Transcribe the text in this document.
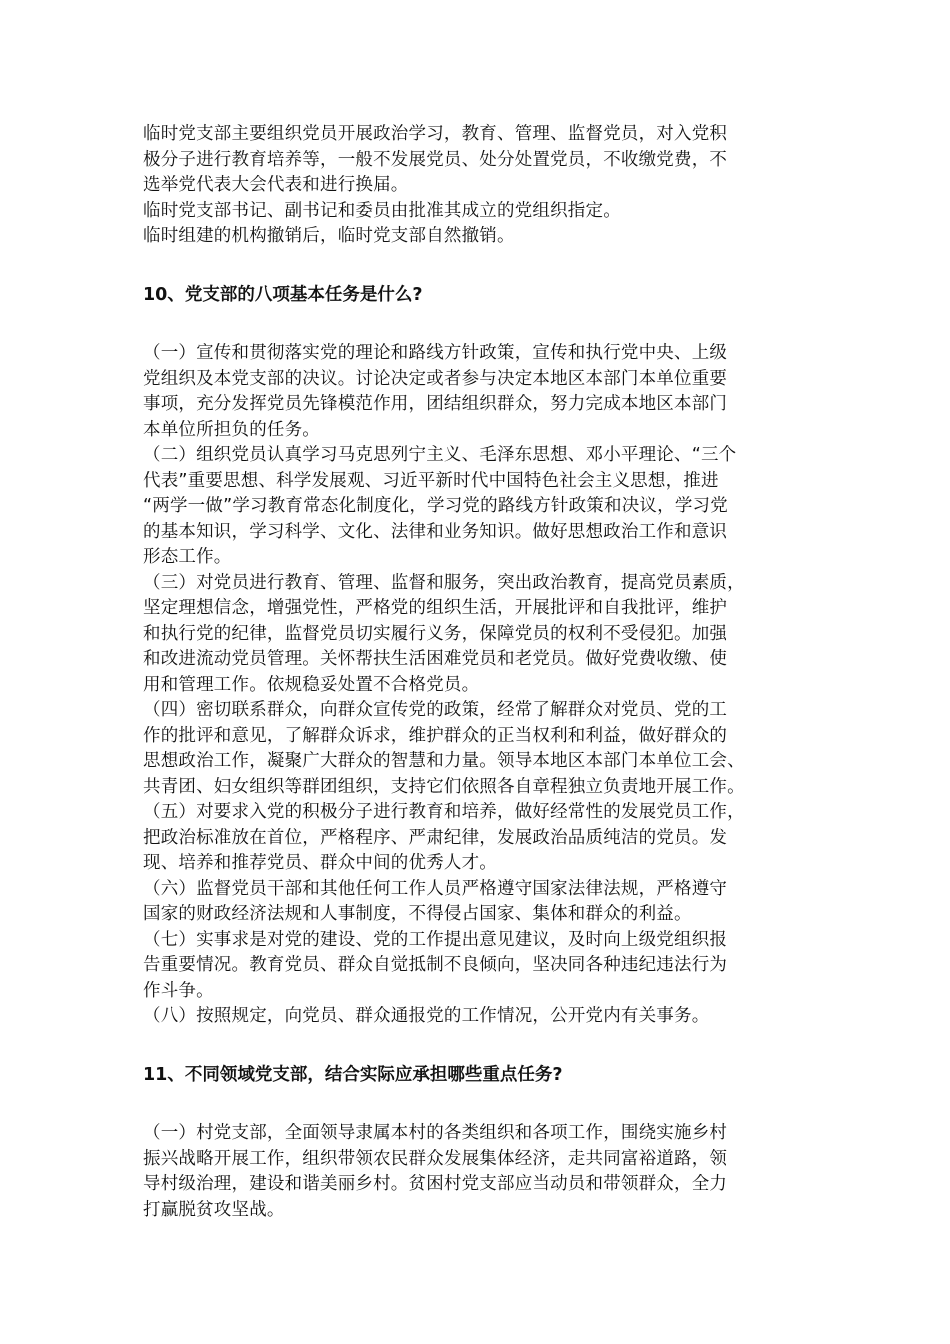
临时党支部主要组织党员开展政治学习，教育、管理、监督党员，对入党积
极分子进行教育培养等，一般不发展党员、处分处置党员，不收缴党费，不
选举党代表大会代表和进行换届。
临时党支部书记、副书记和委员由批准其成立的党组织指定。
临时组建的机构撤销后，临时党支部自然撤销。
10、党支部的八项基本任务是什么?
（一）宣传和贯彻落实党的理论和路线方针政策，宣传和执行党中央、上级
党组织及本党支部的决议。讨论决定或者参与决定本地区本部门本单位重要
事项，充分发挥党员先锋模范作用，团结组织群众，努力完成本地区本部门
本单位所担负的任务。
（二）组织党员认真学习马克思列宁主义、毛泽东思想、邓小平理论、“三个
代表”重要思想、科学发展观、习近平新时代中国特色社会主义思想，推进
“两学一做”学习教育常态化制度化，学习党的路线方针政策和决议，学习党
的基本知识，学习科学、文化、法律和业务知识。做好思想政治工作和意识
形态工作。
（三）对党员进行教育、管理、监督和服务，突出政治教育，提高党员素质，
坚定理想信念，增强党性，严格党的组织生活，开展批评和自我批评，维护
和执行党的纪律，监督党员切实履行义务，保障党员的权利不受侵犯。加强
和改进流动党员管理。关怀帮扶生活困难党员和老党员。做好党费收缴、使
用和管理工作。依规稳妥处置不合格党员。
（四）密切联系群众，向群众宣传党的政策，经常了解群众对党员、党的工
作的批评和意见，了解群众诉求，维护群众的正当权利和利益，做好群众的
思想政治工作，凝聚广大群众的智慧和力量。领导本地区本部门本单位工会、
共青团、妇女组织等群团组织，支持它们依照各自章程独立负责地开展工作。
（五）对要求入党的积极分子进行教育和培养，做好经常性的发展党员工作，
把政治标准放在首位，严格程序、严肃纪律，发展政治品质纯洁的党员。发
现、培养和推荐党员、群众中间的优秀人才。
（六）监督党员干部和其他任何工作人员严格遵守国家法律法规，严格遵守
国家的财政经济法规和人事制度，不得侵占国家、集体和群众的利益。
（七）实事求是对党的建设、党的工作提出意见建议，及时向上级党组织报
告重要情况。教育党员、群众自觉抵制不良倾向，坚决同各种违纪违法行为
作斗争。
（八）按照规定，向党员、群众通报党的工作情况，公开党内有关事务。
11、不同领域党支部，结合实际应承担哪些重点任务?
（一）村党支部，全面领导隶属本村的各类组织和各项工作，围绕实施乡村
振兴战略开展工作，组织带领农民群众发展集体经济，走共同富裕道路，领
导村级治理，建设和谐美丽乡村。贫困村党支部应当动员和带领群众，全力
打赢脱贫攻坚战。
